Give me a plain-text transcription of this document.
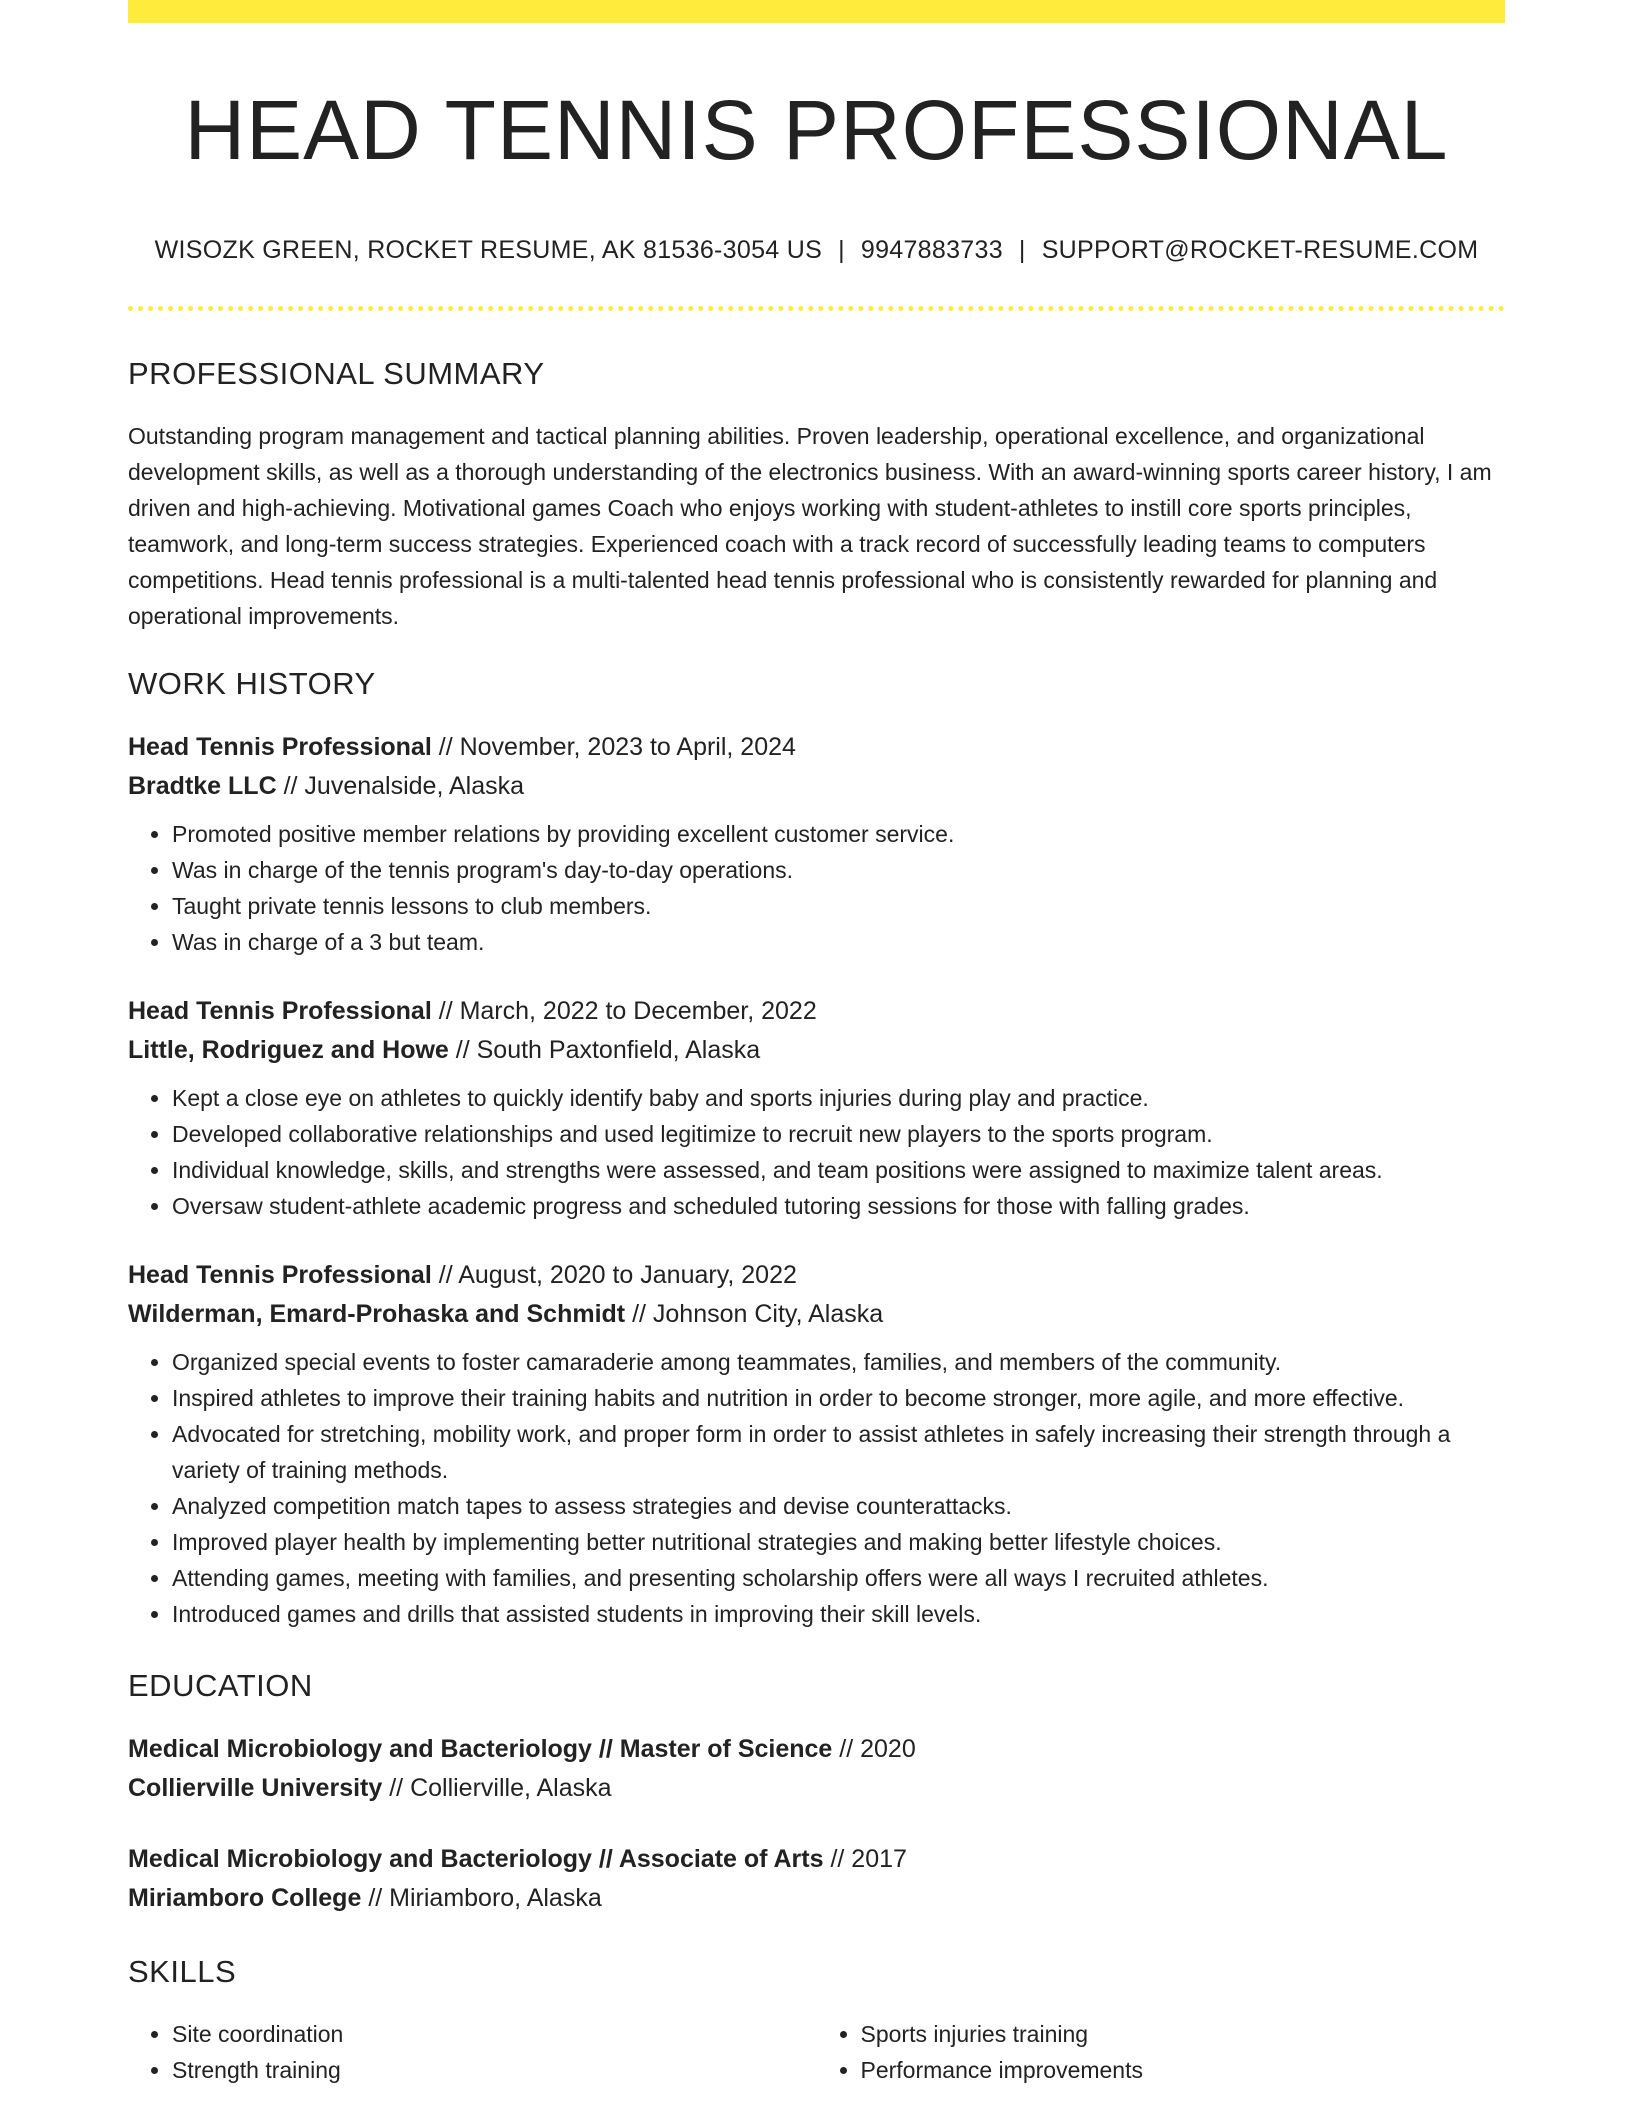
HEAD TENNIS PROFESSIONAL
WISOZK GREEN, ROCKET RESUME, AK 81536-3054 US | 9947883733 | SUPPORT@ROCKET-RESUME.COM
PROFESSIONAL SUMMARY

Outstanding program management and tactical planning abilities. Proven leadership, operational excellence, and organizational development skills, as well as a thorough understanding of the electronics business. With an award-winning sports career history, I am driven and high-achieving. Motivational games Coach who enjoys working with student-athletes to instill core sports principles, teamwork, and long-term success strategies. Experienced coach with a track record of successfully leading teams to computers competitions. Head tennis professional is a multi-talented head tennis professional who is consistently rewarded for planning and operational improvements.

WORK HISTORY
Head Tennis Professional // November, 2023 to April, 2024
Bradtke LLC // Juvenalside, Alaska
• Promoted positive member relations by providing excellent customer service.
• Was in charge of the tennis program's day-to-day operations.
• Taught private tennis lessons to club members.
• Was in charge of a 3 but team.
Head Tennis Professional // March, 2022 to December, 2022
Little, Rodriguez and Howe // South Paxtonfield, Alaska
• Kept a close eye on athletes to quickly identify baby and sports injuries during play and practice.
• Developed collaborative relationships and used legitimize to recruit new players to the sports program.
• Individual knowledge, skills, and strengths were assessed, and team positions were assigned to maximize talent areas.
• Oversaw student-athlete academic progress and scheduled tutoring sessions for those with falling grades.
Head Tennis Professional // August, 2020 to January, 2022
Wilderman, Emard-Prohaska and Schmidt // Johnson City, Alaska
• Organized special events to foster camaraderie among teammates, families, and members of the community.
• Inspired athletes to improve their training habits and nutrition in order to become stronger, more agile, and more effective.
• Advocated for stretching, mobility work, and proper form in order to assist athletes in safely increasing their strength through a variety of training methods.
• Analyzed competition match tapes to assess strategies and devise counterattacks.
• Improved player health by implementing better nutritional strategies and making better lifestyle choices.
• Attending games, meeting with families, and presenting scholarship offers were all ways I recruited athletes.
• Introduced games and drills that assisted students in improving their skill levels.
EDUCATION
Medical Microbiology and Bacteriology // Master of Science // 2020
Collierville University // Collierville, Alaska
Medical Microbiology and Bacteriology // Associate of Arts // 2017
Miriamboro College // Miriamboro, Alaska
SKILLS
• Site coordination
• Strength training
• Sports injuries training
• Performance improvements
